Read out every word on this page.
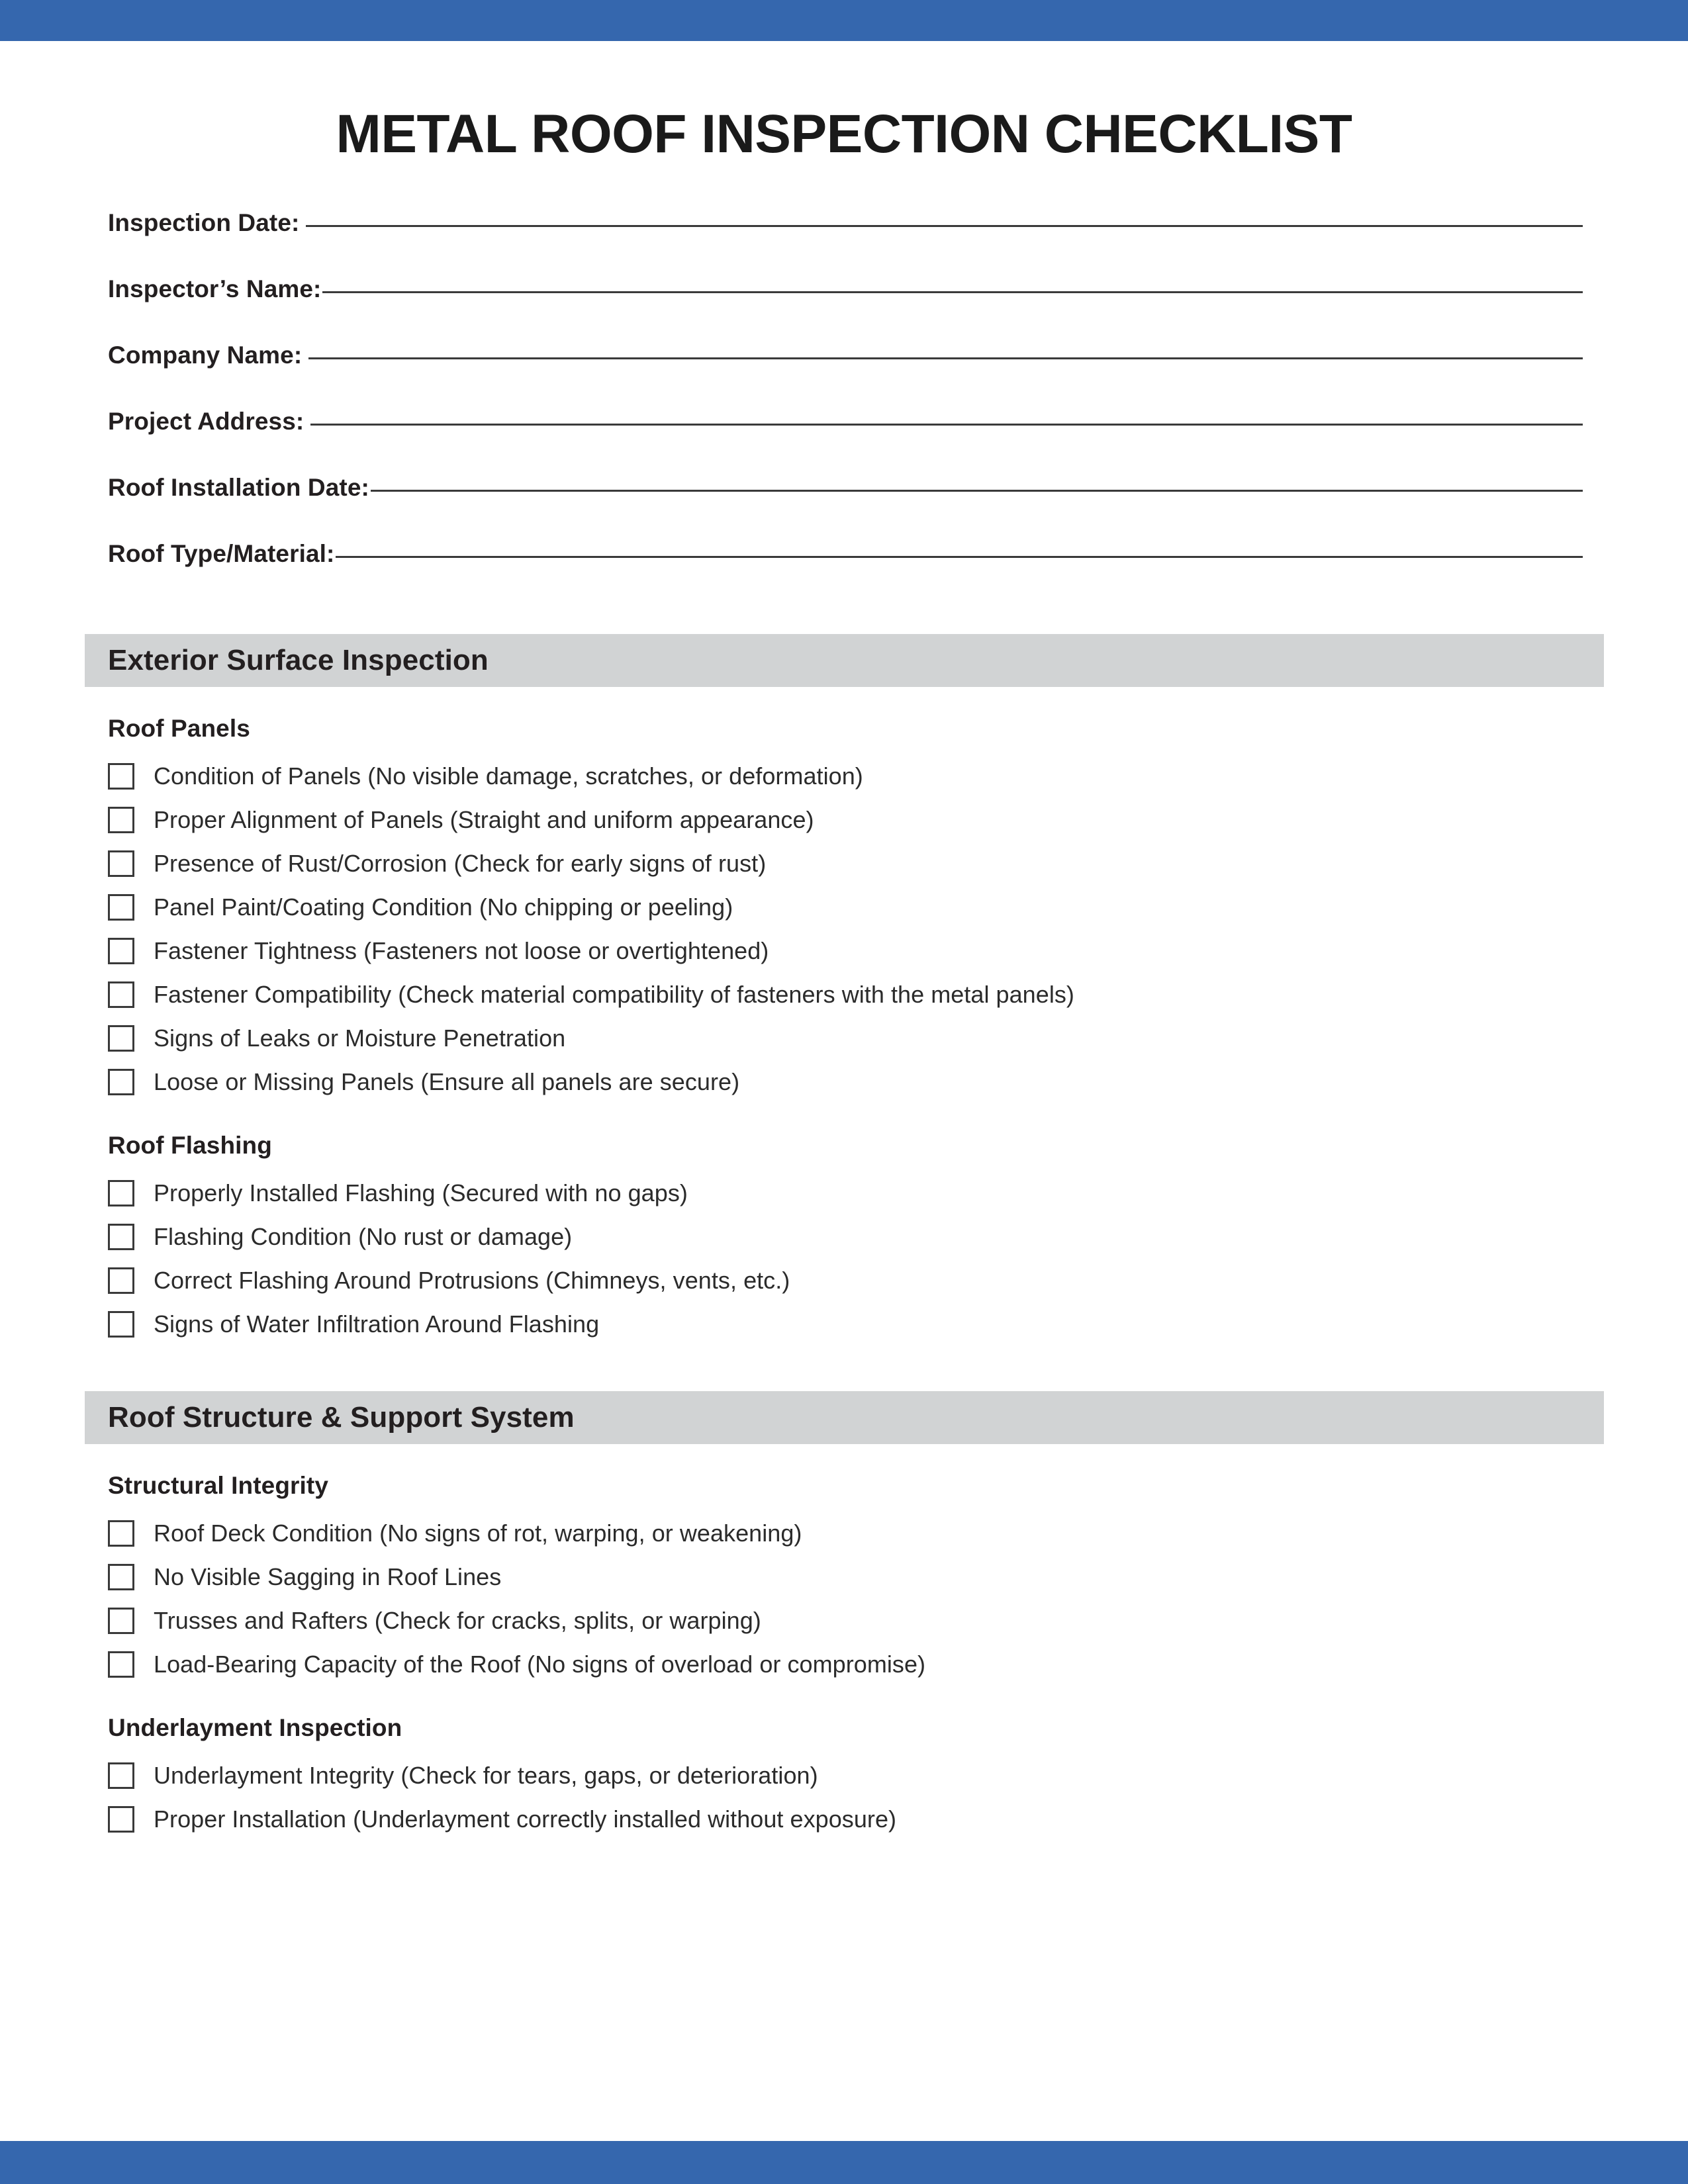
METAL ROOF INSPECTION CHECKLIST
Inspection Date:
Inspector’s Name:
Company Name:
Project Address:
Roof Installation Date:
Roof Type/Material:
Exterior Surface Inspection
Roof Panels
Condition of Panels (No visible damage, scratches, or deformation)
Proper Alignment of Panels (Straight and uniform appearance)
Presence of Rust/Corrosion (Check for early signs of rust)
Panel Paint/Coating Condition (No chipping or peeling)
Fastener Tightness (Fasteners not loose or overtightened)
Fastener Compatibility (Check material compatibility of fasteners with the metal panels)
Signs of Leaks or Moisture Penetration
Loose or Missing Panels (Ensure all panels are secure)
Roof Flashing
Properly Installed Flashing (Secured with no gaps)
Flashing Condition (No rust or damage)
Correct Flashing Around Protrusions (Chimneys, vents, etc.)
Signs of Water Infiltration Around Flashing
Roof Structure & Support System
Structural Integrity
Roof Deck Condition (No signs of rot, warping, or weakening)
No Visible Sagging in Roof Lines
Trusses and Rafters (Check for cracks, splits, or warping)
Load-Bearing Capacity of the Roof (No signs of overload or compromise)
Underlayment Inspection
Underlayment Integrity (Check for tears, gaps, or deterioration)
Proper Installation (Underlayment correctly installed without exposure)
